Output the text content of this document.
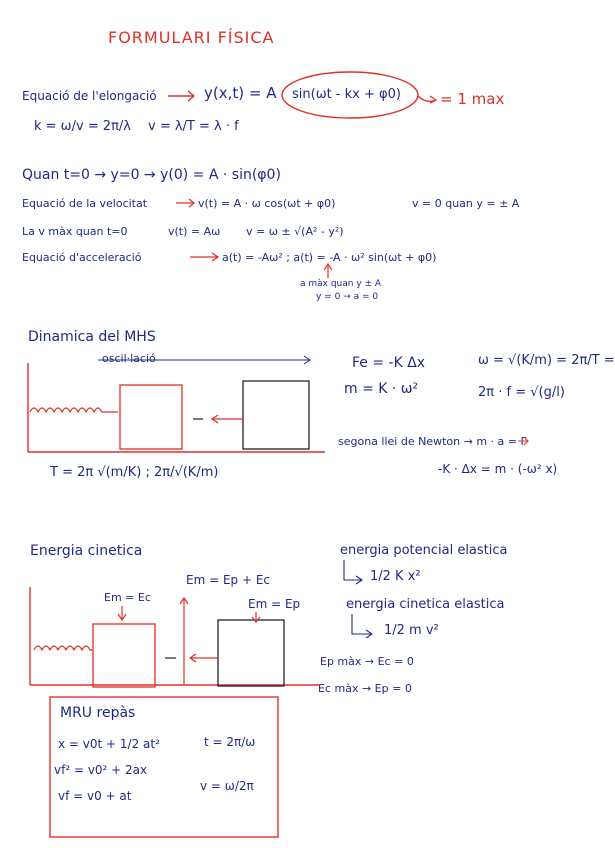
FORMULARI FÍSICA
Equació de l'elongació	y(x,t) = A sin(ωt - kx + φ0)	= 1 max
k = ω/v = 2π/λ v = λ/T = λ · f
Quan t=0 → y=0 → y(0) = A · sin(φ0)
Equació de la velocitat	v(t) = A · ω cos(ωt + φ0)	v = 0 quan y = ± A
La v màx quan t=0	v(t) = Aω v = ω ± √(A² - y²)
Equació d'acceleració	a(t) = -Aω² ; a(t) = -A · ω² sin(ωt + φ0)
a màx quan y ± A
y = 0 → a = 0
Dinamica del MHS
oscil·lació	Fe = -K Δx
m = K · ω²
ω = √(K/m) = 2π/T =
2π · f = √(g/l)
segona llei de Newton → m · a = F
-K · Δx = m · (-ω² x)
T = 2π √(m/K) ; 2π/√(K/m)
Energia cinetica
Em = Ec
Em = Ep + Ec
Em = Ep
energia potencial elastica
1/2 K x²
energia cinetica elastica
1/2 m v²
Ep màx → Ec = 0
Ec màx → Ep = 0
MRU repàs
x = v0t + 1/2 at²
vf² = v0² + 2ax
vf = v0 + at
t = 2π/ω
v = ω/2π
